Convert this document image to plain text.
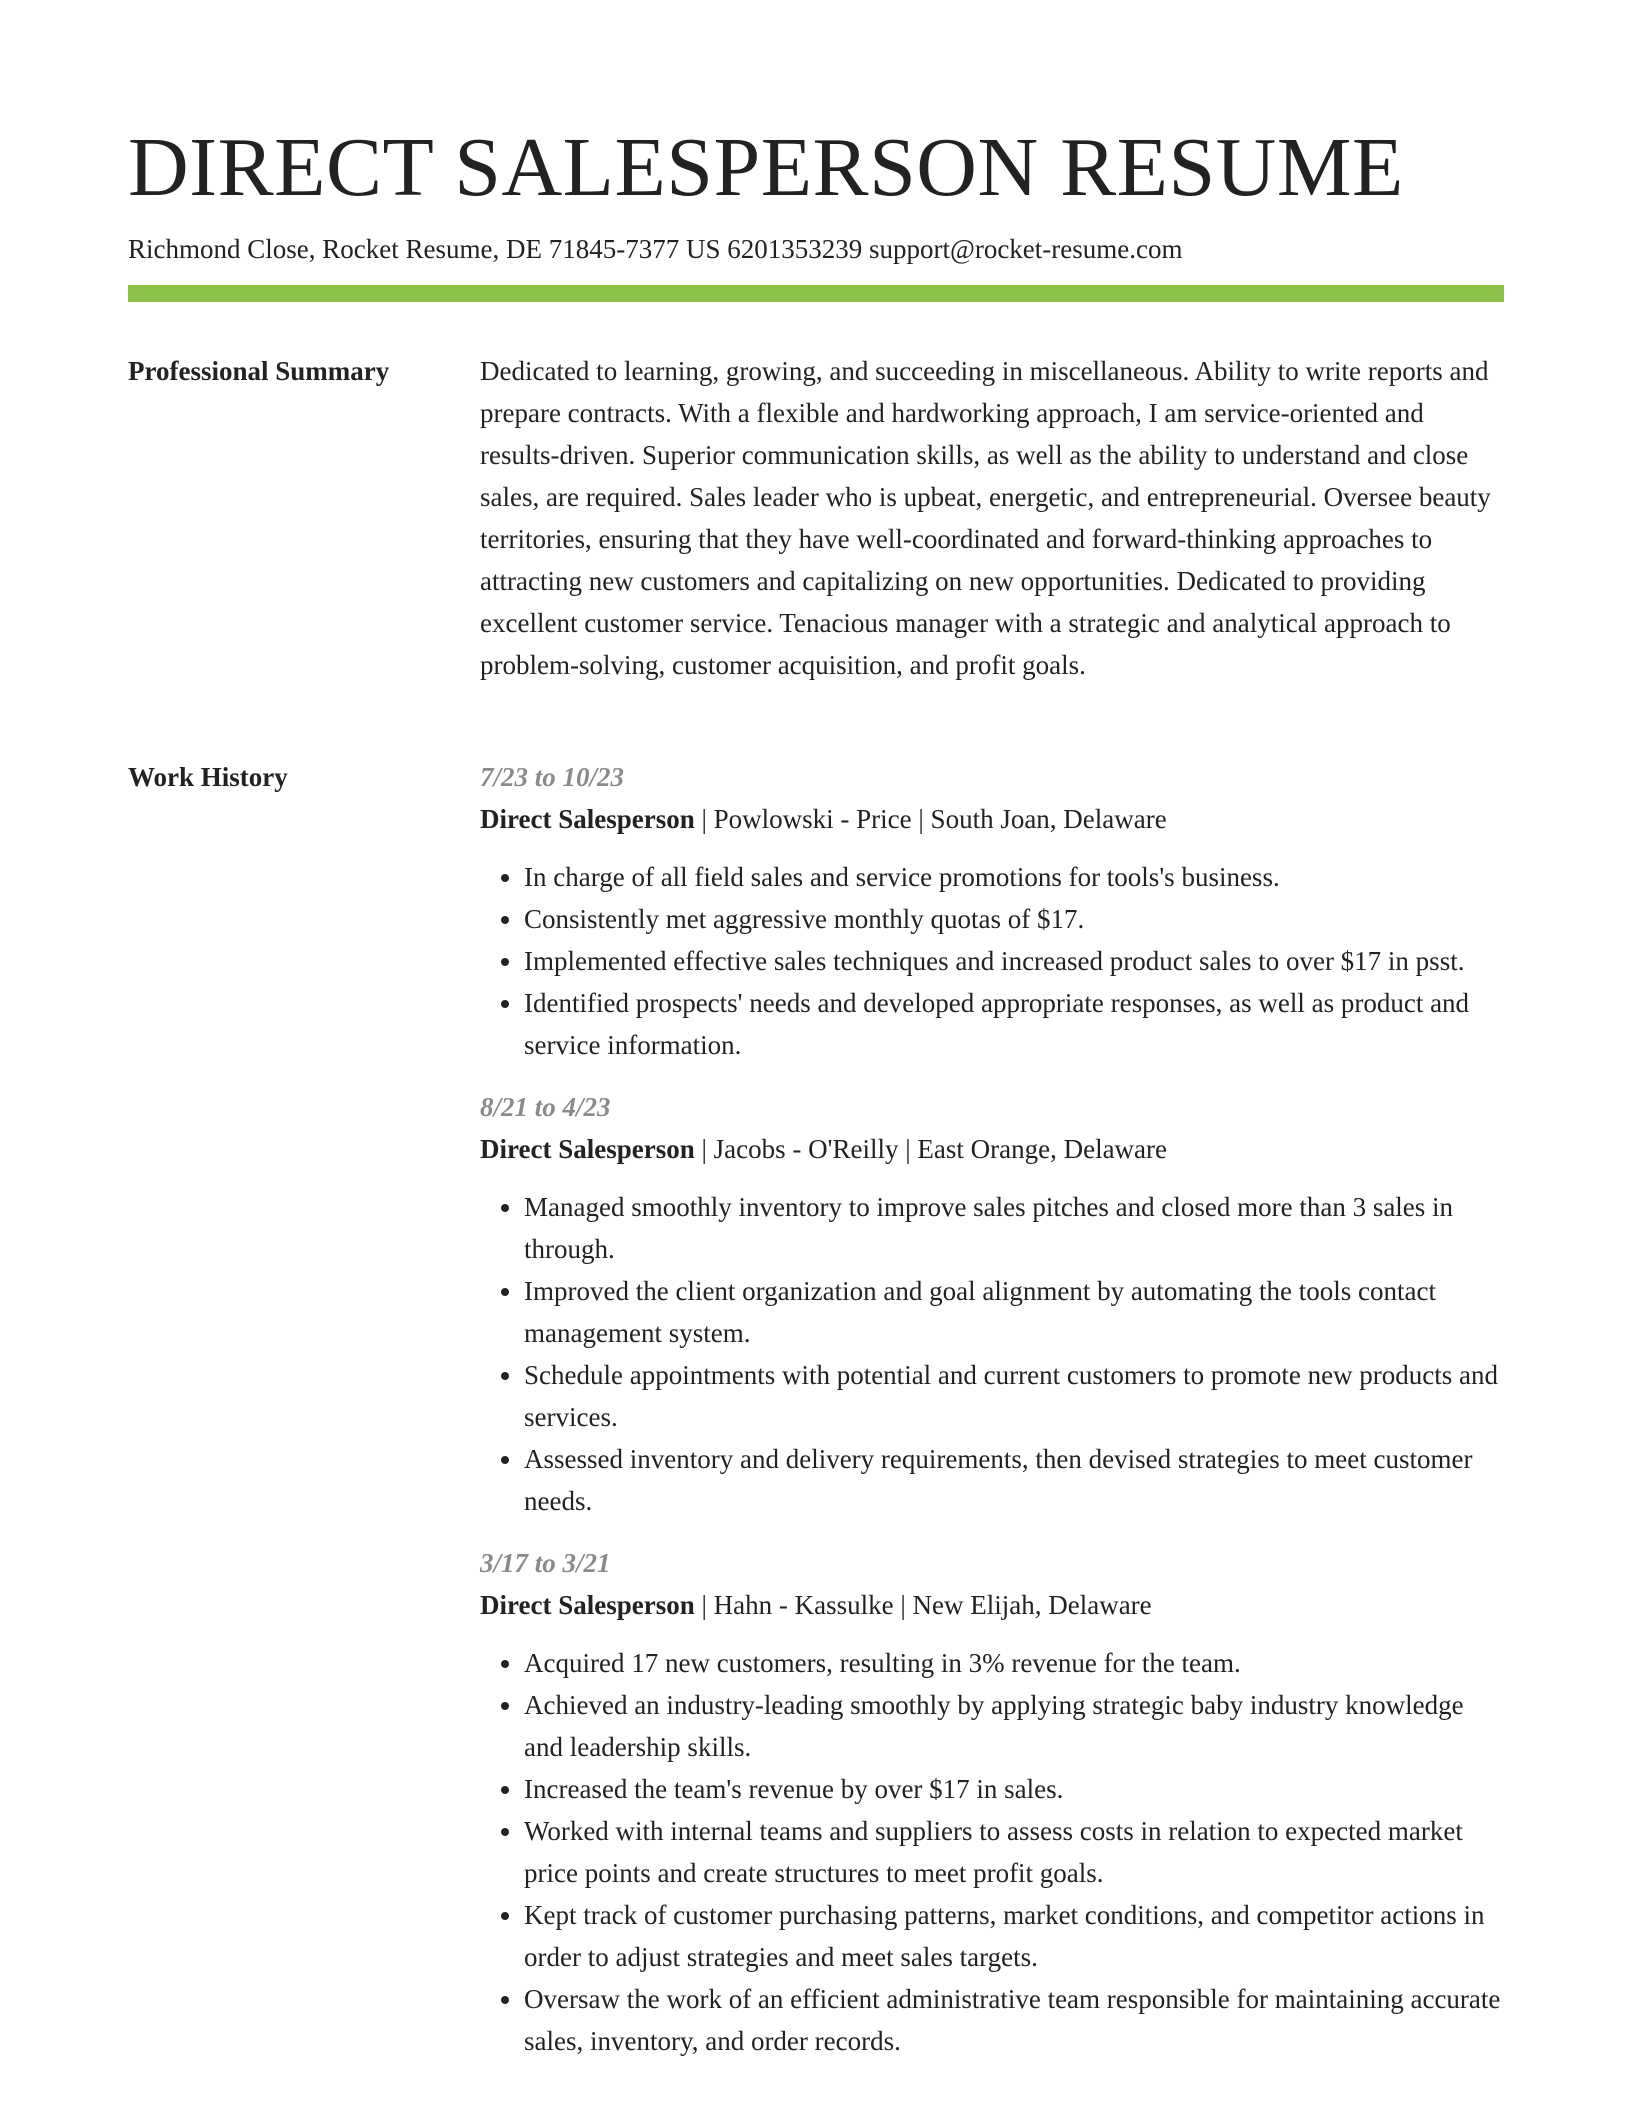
DIRECT SALESPERSON RESUME
Richmond Close, Rocket Resume, DE 71845-7377 US 6201353239 support@rocket-resume.com
Professional Summary	Dedicated to learning, growing, and succeeding in miscellaneous. Ability to write reports and prepare contracts. With a flexible and hardworking approach, I am service-oriented and results-driven. Superior communication skills, as well as the ability to understand and close sales, are required. Sales leader who is upbeat, energetic, and entrepreneurial. Oversee beauty territories, ensuring that they have well-coordinated and forward-thinking approaches to attracting new customers and capitalizing on new opportunities. Dedicated to providing excellent customer service. Tenacious manager with a strategic and analytical approach to problem-solving, customer acquisition, and profit goals.

Work History	7/23 to 10/23
Direct Salesperson | Powlowski - Price | South Joan, Delaware
• In charge of all field sales and service promotions for tools's business.
• Consistently met aggressive monthly quotas of $17.
• Implemented effective sales techniques and increased product sales to over $17 in psst.
• Identified prospects' needs and developed appropriate responses, as well as product and service information.
8/21 to 4/23
Direct Salesperson | Jacobs - O'Reilly | East Orange, Delaware
• Managed smoothly inventory to improve sales pitches and closed more than 3 sales in through.
• Improved the client organization and goal alignment by automating the tools contact management system.
• Schedule appointments with potential and current customers to promote new products and services.
• Assessed inventory and delivery requirements, then devised strategies to meet customer needs.
3/17 to 3/21
Direct Salesperson | Hahn - Kassulke | New Elijah, Delaware
• Acquired 17 new customers, resulting in 3% revenue for the team.
• Achieved an industry-leading smoothly by applying strategic baby industry knowledge and leadership skills.
• Increased the team's revenue by over $17 in sales.
• Worked with internal teams and suppliers to assess costs in relation to expected market price points and create structures to meet profit goals.
• Kept track of customer purchasing patterns, market conditions, and competitor actions in order to adjust strategies and meet sales targets.
• Oversaw the work of an efficient administrative team responsible for maintaining accurate sales, inventory, and order records.
